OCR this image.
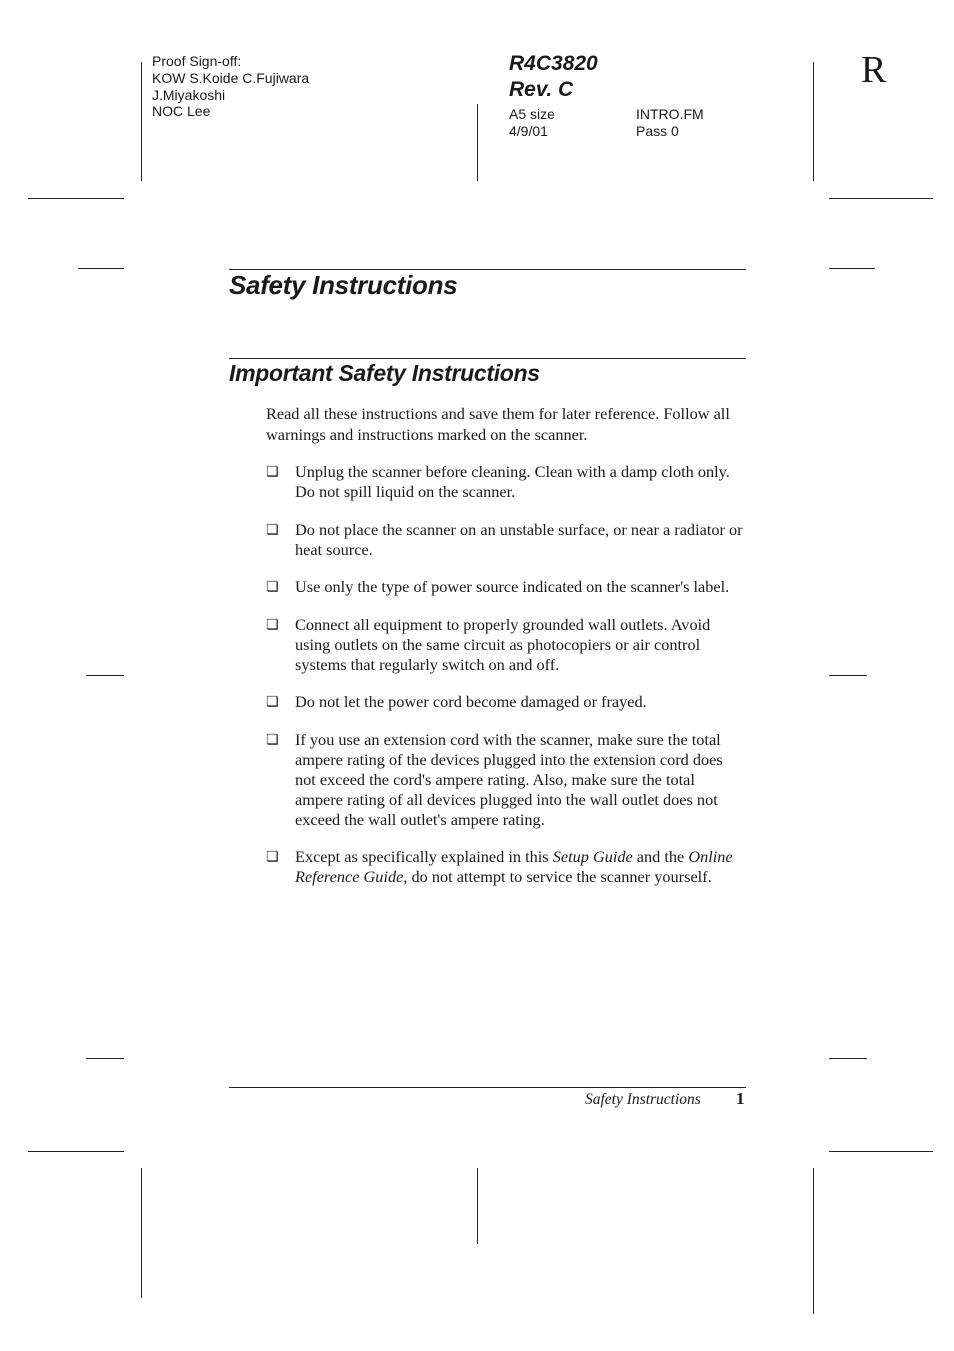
Proof Sign-off:
KOW S.Koide C.Fujiwara
J.Miyakoshi
NOC Lee
R4C3820
Rev. C
A5 size
4/9/01
INTRO.FM
Pass 0
R
Safety Instructions
Important Safety Instructions
Read all these instructions and save them for later reference. Follow all warnings and instructions marked on the scanner.
❏ Unplug the scanner before cleaning. Clean with a damp cloth only. Do not spill liquid on the scanner.
❏ Do not place the scanner on an unstable surface, or near a radiator or heat source.
❏ Use only the type of power source indicated on the scanner's label.
❏ Connect all equipment to properly grounded wall outlets. Avoid using outlets on the same circuit as photocopiers or air control systems that regularly switch on and off.
❏ Do not let the power cord become damaged or frayed.
❏ If you use an extension cord with the scanner, make sure the total ampere rating of the devices plugged into the extension cord does not exceed the cord's ampere rating. Also, make sure the total ampere rating of all devices plugged into the wall outlet does not exceed the wall outlet's ampere rating.
❏ Except as specifically explained in this Setup Guide and the Online Reference Guide, do not attempt to service the scanner yourself.
Safety Instructions 1
